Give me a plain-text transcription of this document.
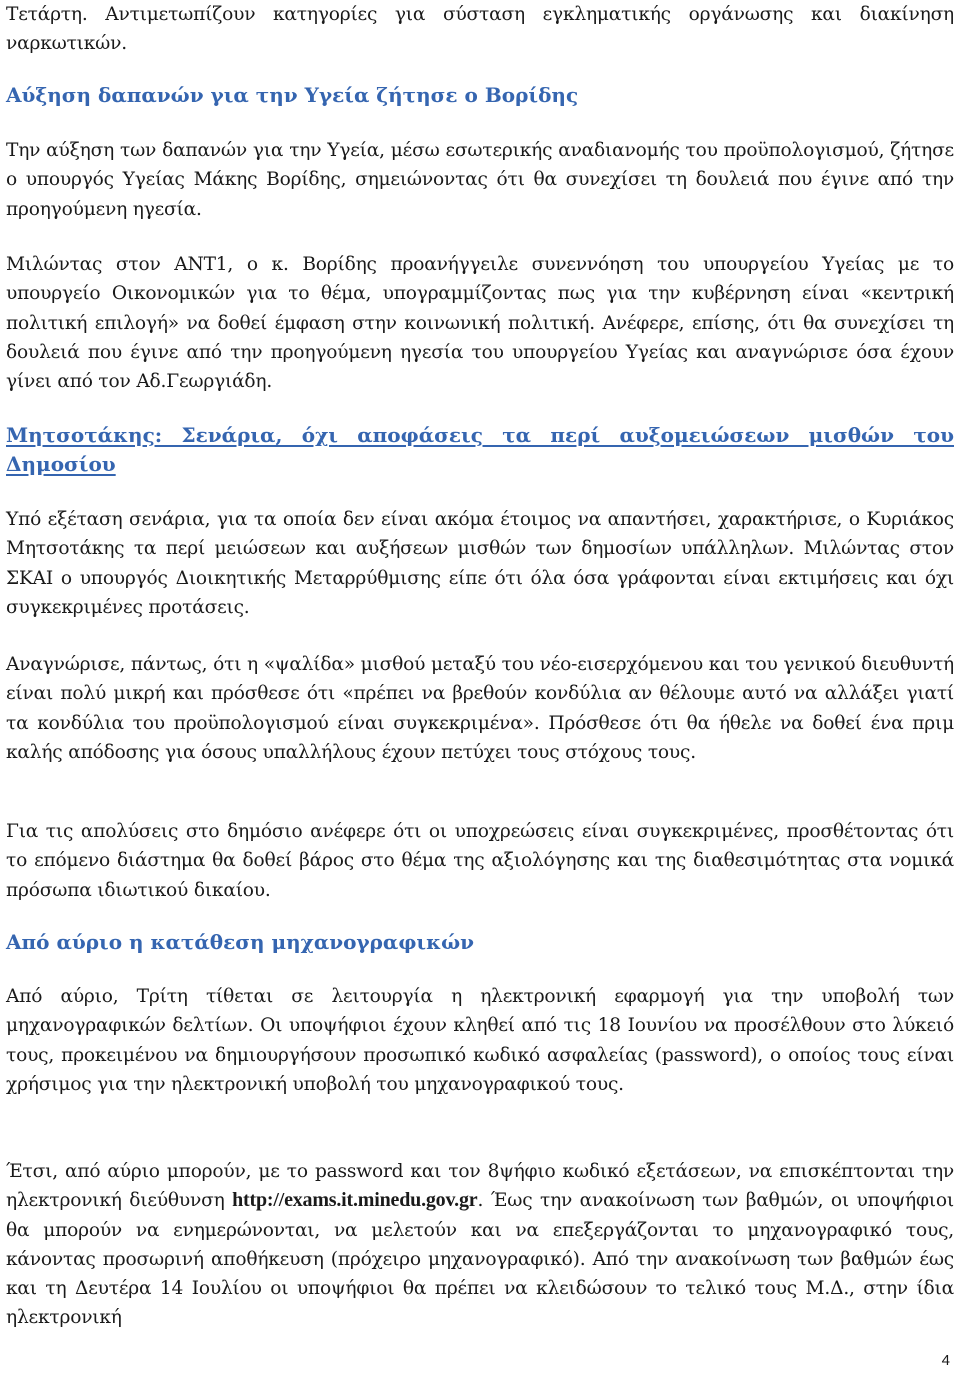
Τετάρτη. Αντιμετωπίζουν κατηγορίες για σύσταση εγκληματικής οργάνωσης και διακίνηση ναρκωτικών.

Αύξηση δαπανών για την Υγεία ζήτησε ο Βορίδης

Την αύξηση των δαπανών για την Υγεία, μέσω εσωτερικής αναδιανομής του προϋπολογισμού, ζήτησε ο υπουργός Υγείας Μάκης Βορίδης, σημειώνοντας ότι θα συνεχίσει τη δουλειά που έγινε από την προηγούμενη ηγεσία.

Μιλώντας στον ΑΝΤ1, ο κ. Βορίδης προανήγγειλε συνεννόηση του υπουργείου Υγείας με το υπουργείο Οικονομικών για το θέμα, υπογραμμίζοντας πως για την κυβέρνηση είναι «κεντρική πολιτική επιλογή» να δοθεί έμφαση στην κοινωνική πολιτική. Ανέφερε, επίσης, ότι θα συνεχίσει τη δουλειά που έγινε από την προηγούμενη ηγεσία του υπουργείου Υγείας και αναγνώρισε όσα έχουν γίνει από τον Αδ.Γεωργιάδη.

Μητσοτάκης: Σενάρια, όχι αποφάσεις τα περί αυξομειώσεων μισθών του Δημοσίου

Υπό εξέταση σενάρια, για τα οποία δεν είναι ακόμα έτοιμος να απαντήσει, χαρακτήρισε, ο Κυριάκος Μητσοτάκης τα περί μειώσεων και αυξήσεων μισθών των δημοσίων υπάλληλων. Μιλώντας στον ΣΚΑΙ ο υπουργός Διοικητικής Μεταρρύθμισης είπε ότι όλα όσα γράφονται είναι εκτιμήσεις και όχι συγκεκριμένες προτάσεις.

Αναγνώρισε, πάντως, ότι η «ψαλίδα» μισθού μεταξύ του νέο-εισερχόμενου και του γενικού διευθυντή είναι πολύ μικρή και πρόσθεσε ότι «πρέπει να βρεθούν κονδύλια αν θέλουμε αυτό να αλλάξει γιατί τα κονδύλια του προϋπολογισμού είναι συγκεκριμένα». Πρόσθεσε ότι θα ήθελε να δοθεί ένα πριμ καλής απόδοσης για όσους υπαλλήλους έχουν πετύχει τους στόχους τους.

Για τις απολύσεις στο δημόσιο ανέφερε ότι οι υποχρεώσεις είναι συγκεκριμένες, προσθέτοντας ότι το επόμενο διάστημα θα δοθεί βάρος στο θέμα της αξιολόγησης και της διαθεσιμότητας στα νομικά πρόσωπα ιδιωτικού δικαίου.

Από αύριο η κατάθεση μηχανογραφικών

Από αύριο, Τρίτη τίθεται σε λειτουργία η ηλεκτρονική εφαρμογή για την υποβολή των μηχανογραφικών δελτίων. Οι υποψήφιοι έχουν κληθεί από τις 18 Ιουνίου να προσέλθουν στο λύκειό τους, προκειμένου να δημιουργήσουν προσωπικό κωδικό ασφαλείας (password), ο οποίος τους είναι χρήσιμος για την ηλεκτρονική υποβολή του μηχανογραφικού τους.

Έτσι, από αύριο μπορούν, με το password και τον 8ψήφιο κωδικό εξετάσεων, να επισκέπτονται την ηλεκτρονική διεύθυνση http://exams.it.minedu.gov.gr. Έως την ανακοίνωση των βαθμών, οι υποψήφιοι θα μπορούν να ενημερώνονται, να μελετούν και να επεξεργάζονται το μηχανογραφικό τους, κάνοντας προσωρινή αποθήκευση (πρόχειρο μηχανογραφικό). Από την ανακοίνωση των βαθμών έως και τη Δευτέρα 14 Ιουλίου οι υποψήφιοι θα πρέπει να κλειδώσουν το τελικό τους Μ.Δ., στην ίδια ηλεκτρονική

4
